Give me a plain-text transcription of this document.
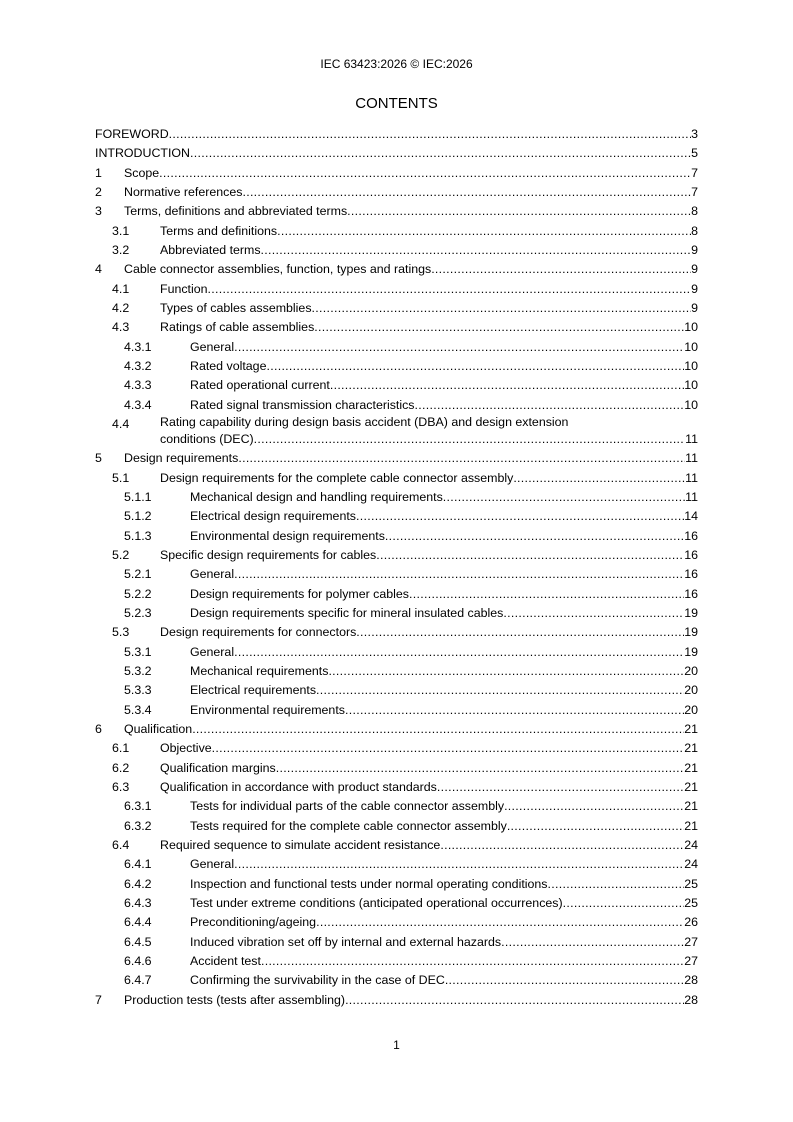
IEC 63423:2026 © IEC:2026
CONTENTS
FOREWORD .....	3
INTRODUCTION .....	5
1 Scope .....	7
2 Normative references .....	7
3 Terms, definitions and abbreviated terms .....	8
3.1 Terms and definitions .....	8
3.2 Abbreviated terms .....	9
4 Cable connector assemblies, function, types and ratings .....	9
4.1 Function .....	9
4.2 Types of cables assemblies .....	9
4.3 Ratings of cable assemblies .....	10
4.3.1	General .....	10
4.3.2	Rated voltage .....	10
4.3.3	Rated operational current .....	10
4.3.4	Rated signal transmission characteristics .....	10
4.4 Rating capability during design basis accident (DBA) and design extension
conditions (DEC) .....	11
5 Design requirements .....	11
5.1 Design requirements for the complete cable connector assembly .....	11
5.1.1	Mechanical design and handling requirements .....	11
5.1.2	Electrical design requirements .....	14
5.1.3	Environmental design requirements .....	16
5.2 Specific design requirements for cables .....	16
5.2.1	General .....	16
5.2.2	Design requirements for polymer cables .....	16
5.2.3	Design requirements specific for mineral insulated cables .....	19
5.3 Design requirements for connectors .....	19
5.3.1	General .....	19
5.3.2	Mechanical requirements .....	20
5.3.3	Electrical requirements .....	20
5.3.4	Environmental requirements .....	20
6 Qualification .....	21
6.1 Objective .....	21
6.2 Qualification margins .....	21
6.3 Qualification in accordance with product standards .....	21
6.3.1	Tests for individual parts of the cable connector assembly .....	21
6.3.2	Tests required for the complete cable connector assembly .....	21
6.4 Required sequence to simulate accident resistance .....	24
6.4.1	General .....	24
6.4.2	Inspection and functional tests under normal operating conditions .....	25
6.4.3	Test under extreme conditions (anticipated operational occurrences) .....	25
6.4.4	Preconditioning/ageing .....	26
6.4.5	Induced vibration set off by internal and external hazards .....	27
6.4.6	Accident test .....	27
6.4.7	Confirming the survivability in the case of DEC .....	28
7 Production tests (tests after assembling) .....	28
1
